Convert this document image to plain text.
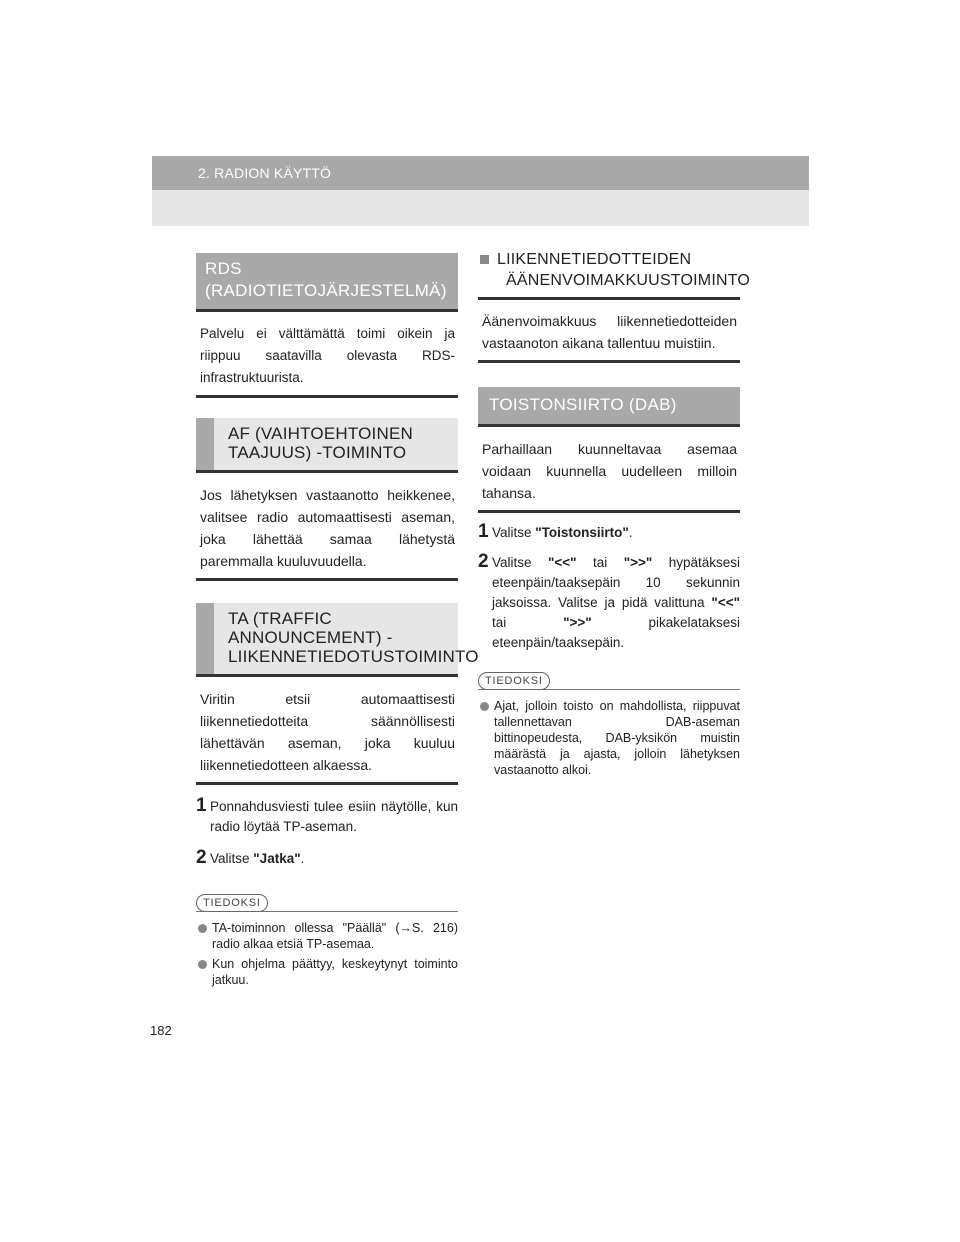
2. RADION KÄYTTÖ
RDS
(RADIOTIETOJÄRJESTELMÄ)
Palvelu ei välttämättä toimi oikein ja riippuu saatavilla olevasta RDS-infrastruktuurista.
AF (VAIHTOEHTOINEN
TAAJUUS) -TOIMINTO
Jos lähetyksen vastaanotto heikkenee, valitsee radio automaattisesti aseman, joka lähettää samaa lähetystä paremmalla kuuluvuudella.
TA (TRAFFIC
ANNOUNCEMENT) -
LIIKENNETIEDOTUSTOIMINTO
Viritin etsii automaattisesti liikennetiedotteita säännöllisesti lähettävän aseman, joka kuuluu liikennetiedotteen alkaessa.
1 Ponnahdusviesti tulee esiin näytölle, kun radio löytää TP-aseman.
2 Valitse "Jatka".
TIEDOKSI
TA-toiminnon ollessa "Päällä" (→S. 216) radio alkaa etsiä TP-asemaa.
Kun ohjelma päättyy, keskeytynyt toiminto jatkuu.
LIIKENNETIEDOTTEIDEN
ÄÄNENVOIMAKKUUSTOIMINTO
Äänenvoimakkuus liikennetiedotteiden vastaanoton aikana tallentuu muistiin.
TOISTONSIIRTO (DAB)
Parhaillaan kuunneltavaa asemaa voidaan kuunnella uudelleen milloin tahansa.
1 Valitse "Toistonsiirto".
2 Valitse "<<" tai ">>" hypätäksesi eteenpäin/taaksepäin 10 sekunnin jaksoissa. Valitse ja pidä valittuna "<<" tai ">>" pikakelataksesi eteenpäin/taaksepäin.
TIEDOKSI
Ajat, jolloin toisto on mahdollista, riippuvat tallennettavan DAB-aseman bittinopeudesta, DAB-yksikön muistin määrästä ja ajasta, jolloin lähetyksen vastaanotto alkoi.
182
